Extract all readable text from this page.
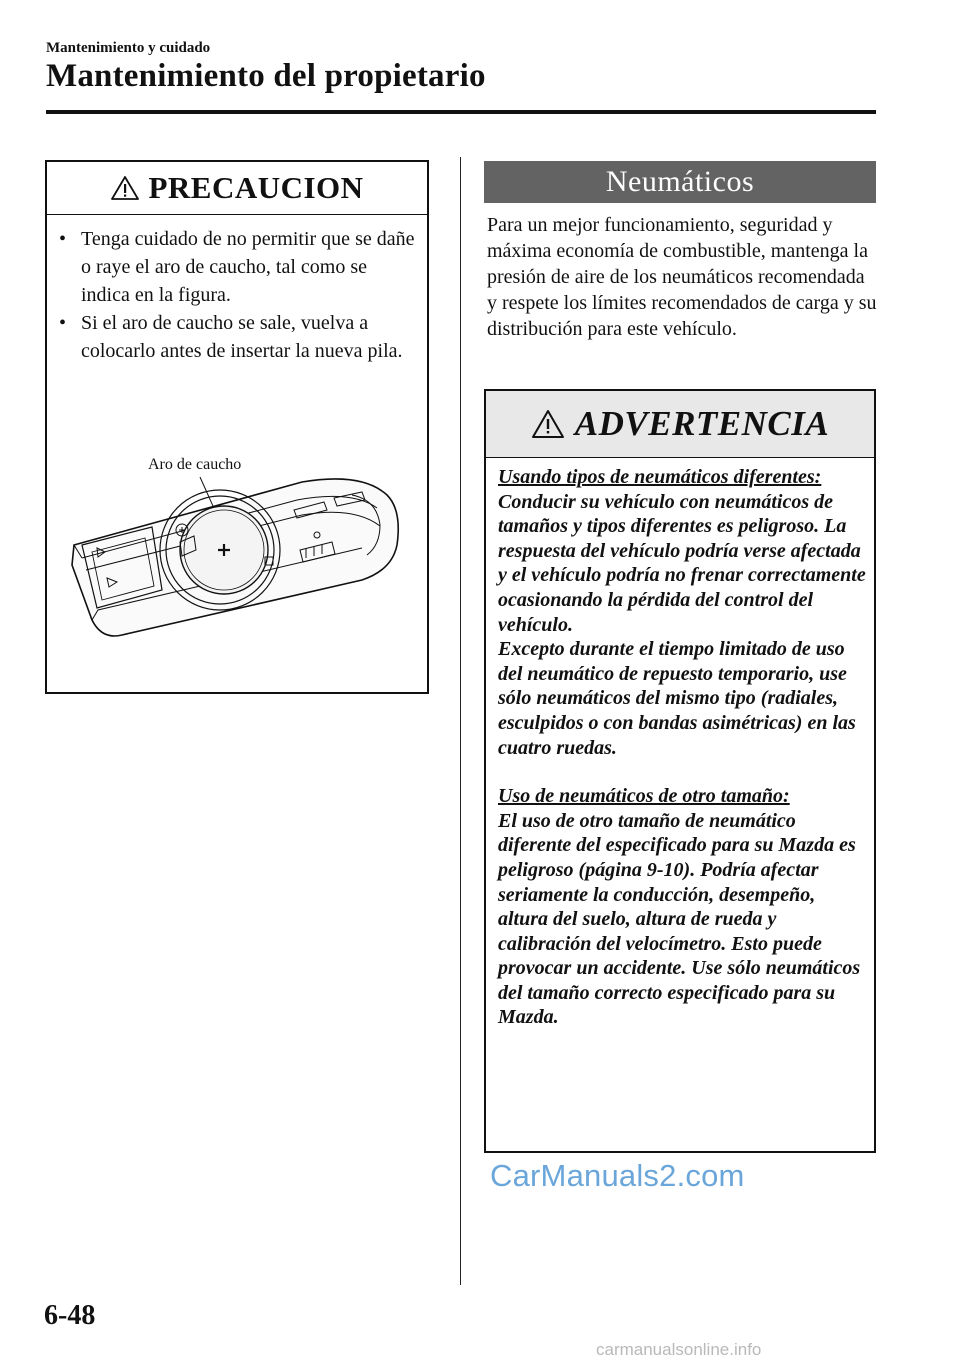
Mantenimiento y cuidado
Mantenimiento del propietario
PRECAUCION
• Tenga cuidado de no permitir que se dañe o raye el aro de caucho, tal como se indica en la figura.
• Si el aro de caucho se sale, vuelva a colocarlo antes de insertar la nueva pila.
Aro de caucho
Neumáticos
Para un mejor funcionamiento, seguridad y máxima economía de combustible, mantenga la presión de aire de los neumáticos recomendada y respete los límites recomendados de carga y su distribución para este vehículo.
ADVERTENCIA
Usando tipos de neumáticos diferentes:

Conducir su vehículo con neumáticos de tamaños y tipos diferentes es peligroso. La respuesta del vehículo podría verse afectada y el vehículo podría no frenar correctamente ocasionando la pérdida del control del vehículo.

Excepto durante el tiempo limitado de uso del neumático de repuesto temporario, use sólo neumáticos del mismo tipo (radiales, esculpidos o con bandas asimétricas) en las cuatro ruedas.

Uso de neumáticos de otro tamaño:

El uso de otro tamaño de neumático diferente del especificado para su Mazda es peligroso (página 9-10). Podría afectar seriamente la conducción, desempeño, altura del suelo, altura de rueda y calibración del velocímetro. Esto puede provocar un accidente. Use sólo neumáticos del tamaño correcto especificado para su Mazda.

CarManuals2.com
6-48
carmanualsonline.info
